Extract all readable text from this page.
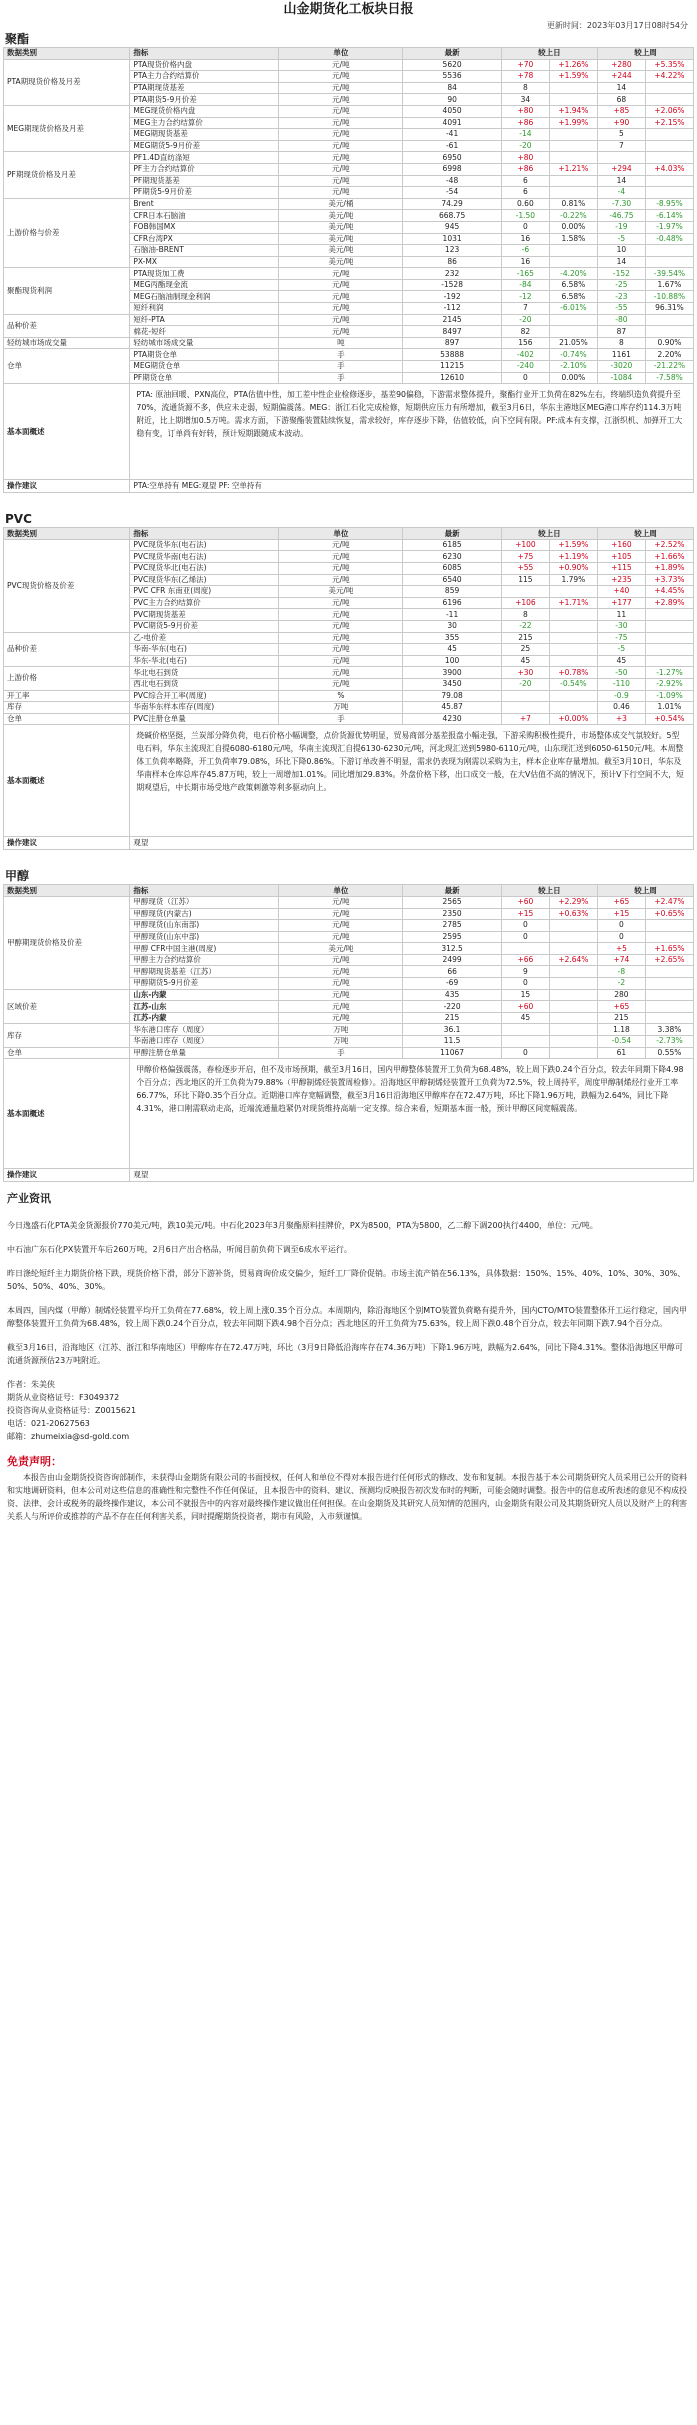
山金期货化工板块日报
更新时间：2023年03月17日08时54分
聚酯
数据类别	指标	单位	最新	较上日		较上周	
PTA期现货价格及月差	PTA现货价格内盘	元/吨	5620	+70	+1.26%	+280	+5.35%
	PTA主力合约结算价	元/吨	5536	+78	+1.59%	+244	+4.22%
	PTA期现货基差	元/吨	84	8		14	
	PTA期货5-9月价差	元/吨	90	34		68	
MEG期现货价格及月差	MEG现货价格内盘	元/吨	4050	+80	+1.94%	+85	+2.06%
	MEG主力合约结算价	元/吨	4091	+86	+1.99%	+90	+2.15%
	MEG期现货基差	元/吨	-41	-14		5	
	MEG期货5-9月价差	元/吨	-61	-20		7	
PF期现货价格及月差	PF1.4D直纺涤短	元/吨	6950	+80			
	PF主力合约结算价	元/吨	6998	+86	+1.21%	+294	+4.03%
	PF期现货基差	元/吨	-48	6		14	
	PF期货5-9月价差	元/吨	-54	6		-4	
上游价格与价差	Brent	美元/桶	74.29	0.60	0.81%	-7.30	-8.95%
	CFR日本石脑油	美元/吨	668.75	-1.50	-0.22%	-46.75	-6.14%
	FOB韩国MX	美元/吨	945	0	0.00%	-19	-1.97%
	CFR台湾PX	美元/吨	1031	16	1.58%	-5	-0.48%
	石脑油-BRENT	美元/吨	123	-6		10	
	PX-MX	美元/吨	86	16		14	
聚酯现货利润	PTA现货加工费	元/吨	232	-165	-4.20%	-152	-39.54%
	MEG丙酯现金流	元/吨	-1528	-84	6.58%	-25	1.67%
	MEG石脑油制现金利润	元/吨	-192	-12	6.58%	-23	-10.88%
	短纤利润	元/吨	-112	7	-6.01%	-55	96.31%
品种价差	短纤-PTA	元/吨	2145	-20		-80	
	棉花-短纤	元/吨	8497	82		87	
轻纺城市场成交量	轻纺城市场成交量	吨	897	156	21.05%	8	0.90%
仓单	PTA期货仓单	手	53888	-402	-0.74%	1161	2.20%
	MEG期货仓单	手	11215	-240	-2.10%	-3020	-21.22%
	PF期货仓单	手	12610	0	0.00%	-1084	-7.58%
基本面概述	PTA: 原油回暖、PXN高位，PTA估值中性，加工差中性企业检修逐步，基差90偏稳，下游需求整体提升，聚酯行业开工负荷在82%左右，终端织造负荷提升至70%，流通货源不多，供应未走弱，短期偏震荡。MEG：浙江石化完成检修，短期供应压力有所增加，截至3月6日，华东主港地区MEG港口库存约114.3万吨附近，比上期增加0.5万吨。需求方面，下游聚酯装置陆续恢复，需求较好，库存逐步下降，估值较低，向下空间有限。PF:成本有支撑，江浙织机、加弹开工大稳有变，订单尚有好转，预计短期跟随成本波动。						
操作建议	PTA:空单持有 MEG:观望 PF: 空单持有						
PVC
数据类别	指标	单位	最新	较上日		较上周	
PVC现货价格及价差	PVC现货华东(电石法)	元/吨	6185	+100	+1.59%	+160	+2.52%
	PVC现货华南(电石法)	元/吨	6230	+75	+1.19%	+105	+1.66%
	PVC现货华北(电石法)	元/吨	6085	+55	+0.90%	+115	+1.89%
	PVC现货华东(乙烯法)	元/吨	6540	115	1.79%	+235	+3.73%
	PVC CFR 东南亚(周度)	美元/吨	859			+40	+4.45%
	PVC主力合约结算价	元/吨	6196	+106	+1.71%	+177	+2.89%
	PVC期现货基差	元/吨	-11	8		11	
	PVC期货5-9月价差	元/吨	30	-22		-30	
品种价差	乙-电价差	元/吨	355	215		-75	
	华南-华东(电石)	元/吨	45	25		-5	
	华东-华北(电石)	元/吨	100	45		45	
上游价格	华北电石到货	元/吨	3900	+30	+0.78%	-50	-1.27%
	西北电石到货	元/吨	3450	-20	-0.54%	-110	-2.92%
开工率	PVC综合开工率(周度)	%	79.08			-0.9	-1.09%
库存	华南华东样本库存(周度)	万吨	45.87			0.46	1.01%
仓单	PVC注册仓单量	手	4230	+7	+0.00%	+3	+0.54%
基本面概述	烧碱价格坚挺，兰炭部分降负荷，电石价格小幅调整，点价货源优势明显，贸易商部分基差报盘小幅走强，下游采购积极性提升，市场整体成交气氛较好。5型电石料，华东主流现汇自提6080-6180元/吨，华南主流现汇自提6130-6230元/吨，河北现汇送到5980-6110元/吨，山东现汇送到6050-6150元/吨。本周整体工负荷率略降，开工负荷率79.08%，环比下降0.86%。下游订单改善不明显，需求仍表现为刚需以采购为主，样本企业库存量增加。截至3月10日，华东及华南样本仓库总库存45.87万吨，较上一周增加1.01%。同比增加29.83%。外盘价格下移，出口成交一般，在大V估值不高的情况下，预计V下行空间不大，短期观望后，中长期市场受地产政策刺激等利多驱动向上。						
操作建议	观望						
甲醇
数据类别	指标	单位	最新	较上日		较上周	
甲醇期现货价格及价差	甲醇现货（江苏）	元/吨	2565	+60	+2.29%	+65	+2.47%
	甲醇现货(内蒙古)	元/吨	2350	+15	+0.63%	+15	+0.65%
	甲醇现货(山东南部)	元/吨	2785	0		0	
	甲醇现货(山东中部)	元/吨	2595	0		0	
	甲醇 CFR中国主港(周度)	美元/吨	312.5			+5	+1.65%
	甲醇主力合约结算价	元/吨	2499	+66	+2.64%	+74	+2.65%
	甲醇期现货基差（江苏）	元/吨	66	9		-8	
	甲醇期货5-9月价差	元/吨	-69	0		-2	
区域价差	山东-内蒙	元/吨	435	15		280	
	江苏-山东	元/吨	-220	+60		+65	
	江苏-内蒙	元/吨	215	45		215	
库存	华东港口库存（周度）	万吨	36.1			1.18	3.38%
	华南港口库存（周度）	万吨	11.5			-0.54	-2.73%
仓单	甲醇注册仓单量	手	11067	0		61	0.55%
基本面概述	甲醇价格偏强震荡，春检逐步开启，但不及市场预期，截至3月16日，国内甲醇整体装置开工负荷为68.48%，较上周下跌0.24个百分点，较去年同期下降4.98个百分点；西北地区的开工负荷为79.88%（甲醇制烯烃装置周检修）。沿海地区甲醇制烯烃装置开工负荷为72.5%，较上周持平，周度甲醇制烯烃行业开工率66.77%，环比下降0.35个百分点。近期港口库存宽幅调整，截至3月16日沿海地区甲醇库存在72.47万吨，环比下降1.96万吨，跌幅为2.64%，同比下降4.31%，港口刚需联动走高，近端流通量趋紧仍对现货维持高端一定支撑。综合来看，短期基本面一般，预计甲醇区间宽幅震荡。						
操作建议	观望						
产业资讯

今日逸盛石化PTA美金货源报价770美元/吨，跌10美元/吨。中石化2023年3月聚酯原料挂牌价，PX为8500，PTA为5800，乙二醇下调200执行4400，单位：元/吨。

中石油广东石化PX装置开车后260万吨，2月6日产出合格品，听闻目前负荷下调至6成水平运行。

昨日涤纶短纤主力期货价格下跌，现货价格下滑，部分下游补货，贸易商询价成交偏少，短纤工厂降价促销。市场主流产销在56.13%，具体数据：150%、15%、40%、10%、30%、30%、50%、50%、40%、30%。

本周四，国内煤（甲醇）制烯烃装置平均开工负荷在77.68%，较上周上涨0.35个百分点。本周期内，除沿海地区个别MTO装置负荷略有提升外，国内CTO/MTO装置整体开工运行稳定，国内甲醇整体装置开工负荷为68.48%，较上周下跌0.24个百分点，较去年同期下跌4.98个百分点；西北地区的开工负荷为75.63%，较上周下跌0.48个百分点，较去年同期下跌7.94个百分点。

截至3月16日，沿海地区（江苏、浙江和华南地区）甲醇库存在72.47万吨，环比（3月9日降低沿海库存在74.36万吨）下降1.96万吨，跌幅为2.64%，同比下降4.31%。整体沿海地区甲醇可流通货源预估23万吨附近。

作者：朱美侠
期货从业资格证号：F3049372
投资咨询从业资格证号：Z0015621
电话：021-20627563
邮箱：zhumeixia@sd-gold.com
免责声明：
本报告由山金期货投资咨询部制作，未获得山金期货有限公司的书面授权，任何人和单位不得对本报告进行任何形式的修改、发布和复制。本报告基于本公司期货研究人员采用已公开的资料和实地调研资料，但本公司对这些信息的准确性和完整性不作任何保证，且本报告中的资料、建议、预测均反映报告初次发布时的判断，可能会随时调整。报告中的信息或所表述的意见不构成投资、法律、会计或税务的最终操作建议，本公司不就报告中的内容对最终操作建议做出任何担保。在山金期货及其研究人员知情的范围内，山金期货有限公司及其期货研究人员以及财产上的利害关系人与所评价或推荐的产品不存在任何利害关系，同时提醒期货投资者，期市有风险，入市须谨慎。
